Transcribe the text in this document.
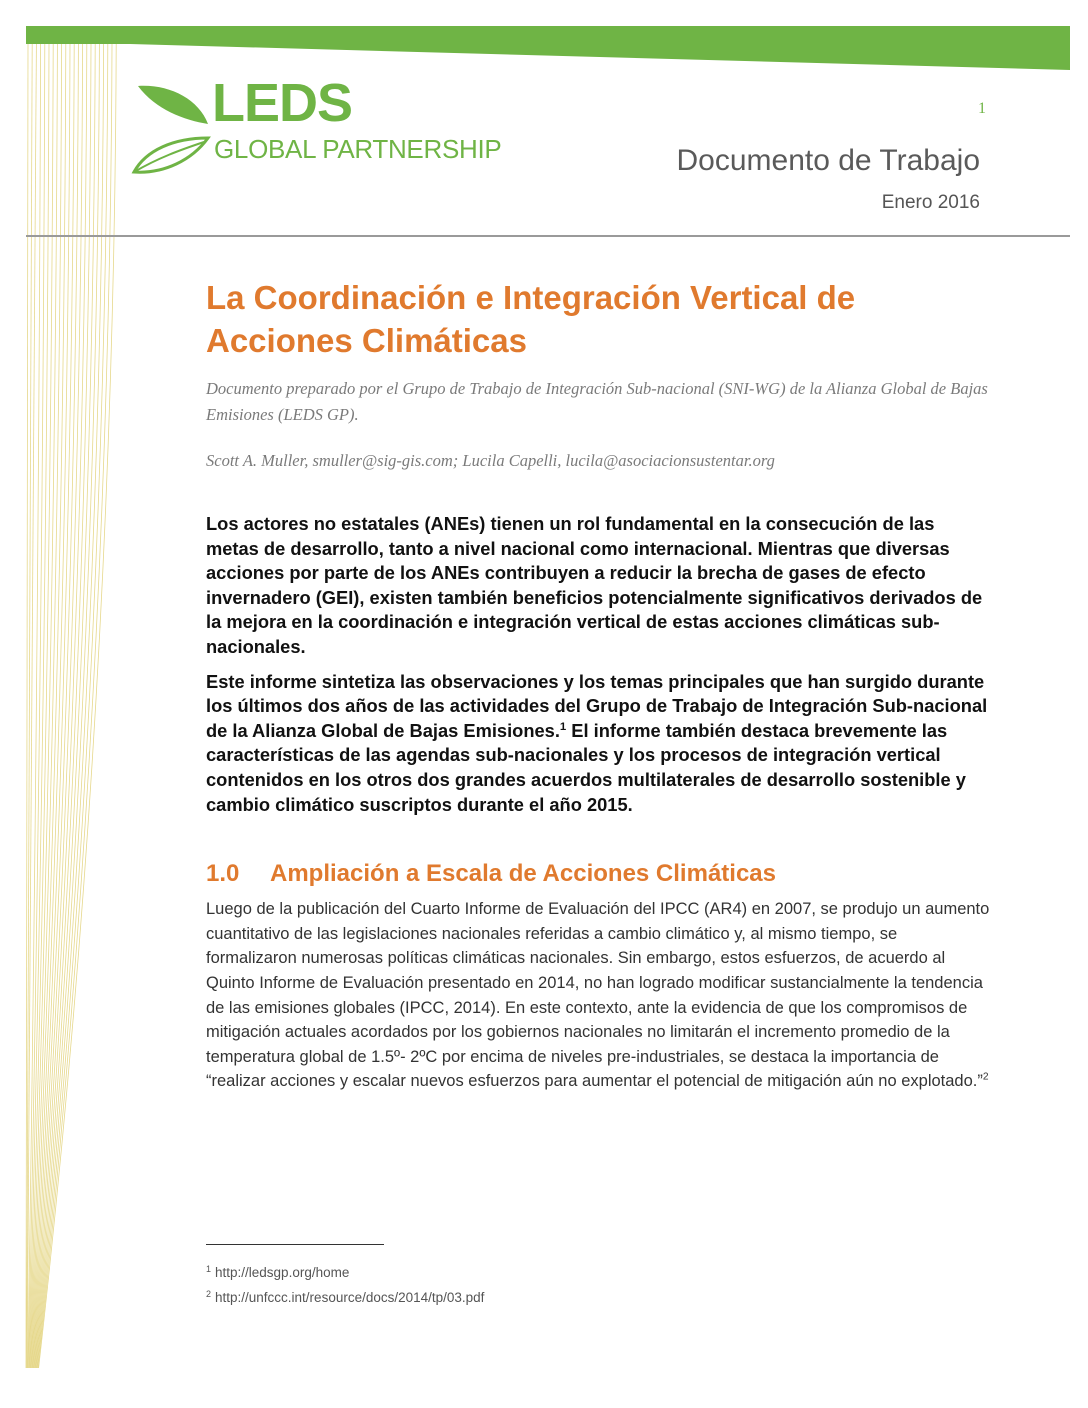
LEDS
GLOBAL PARTNERSHIP
1
Documento de Trabajo
Enero 2016
La Coordinación e Integración Vertical de Acciones Climáticas

Documento preparado por el Grupo de Trabajo de Integración Sub-nacional (SNI-WG) de la Alianza Global de Bajas Emisiones (LEDS GP).

Scott A. Muller, smuller@sig-gis.com; Lucila Capelli, lucila@asociacionsustentar.org

Los actores no estatales (ANEs) tienen un rol fundamental en la consecución de las metas de desarrollo, tanto a nivel nacional como internacional. Mientras que diversas acciones por parte de los ANEs contribuyen a reducir la brecha de gases de efecto invernadero (GEI), existen también beneficios potencialmente significativos derivados de la mejora en la coordinación e integración vertical de estas acciones climáticas sub-nacionales.

Este informe sintetiza las observaciones y los temas principales que han surgido durante los últimos dos años de las actividades del Grupo de Trabajo de Integración Sub-nacional de la Alianza Global de Bajas Emisiones.$^1$ El informe también destaca brevemente las características de las agendas sub-nacionales y los procesos de integración vertical contenidos en los otros dos grandes acuerdos multilaterales de desarrollo sostenible y cambio climático suscriptos durante el año 2015.

1.0 Ampliación a Escala de Acciones Climáticas

Luego de la publicación del Cuarto Informe de Evaluación del IPCC (AR4) en 2007, se produjo un aumento cuantitativo de las legislaciones nacionales referidas a cambio climático y, al mismo tiempo, se formalizaron numerosas políticas climáticas nacionales. Sin embargo, estos esfuerzos, de acuerdo al Quinto Informe de Evaluación presentado en 2014, no han logrado modificar sustancialmente la tendencia de las emisiones globales (IPCC, 2014). En este contexto, ante la evidencia de que los compromisos de mitigación actuales acordados por los gobiernos nacionales no limitarán el incremento promedio de la temperatura global de 1.5º- 2ºC por encima de niveles pre-industriales, se destaca la importancia de “realizar acciones y escalar nuevos esfuerzos para aumentar el potencial de mitigación aún no explotado.”$^2$

$^1$ http://ledsgp.org/home
$^2$ http://unfccc.int/resource/docs/2014/tp/03.pdf
